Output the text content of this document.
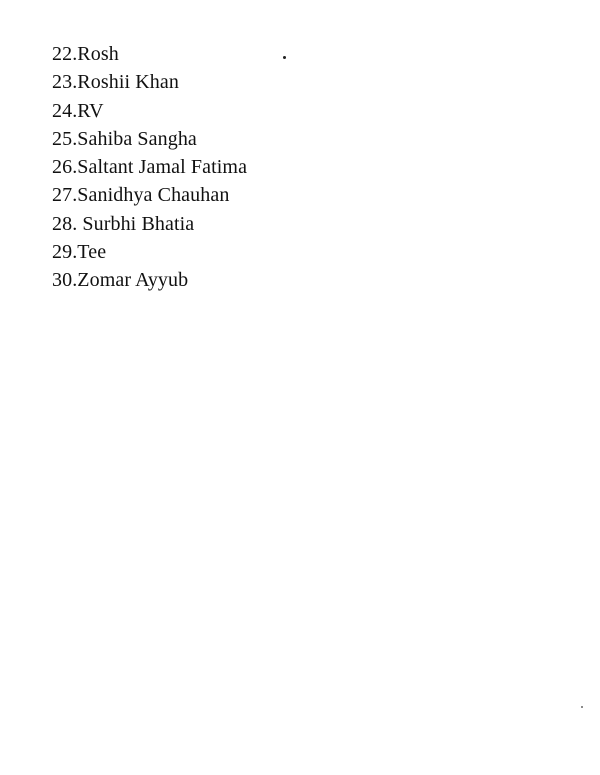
22.Rosh
23.Roshii Khan
24.RV
25.Sahiba Sangha
26.Saltant Jamal Fatima
27.Sanidhya Chauhan
28. Surbhi Bhatia
29.Tee
30.Zomar Ayyub
